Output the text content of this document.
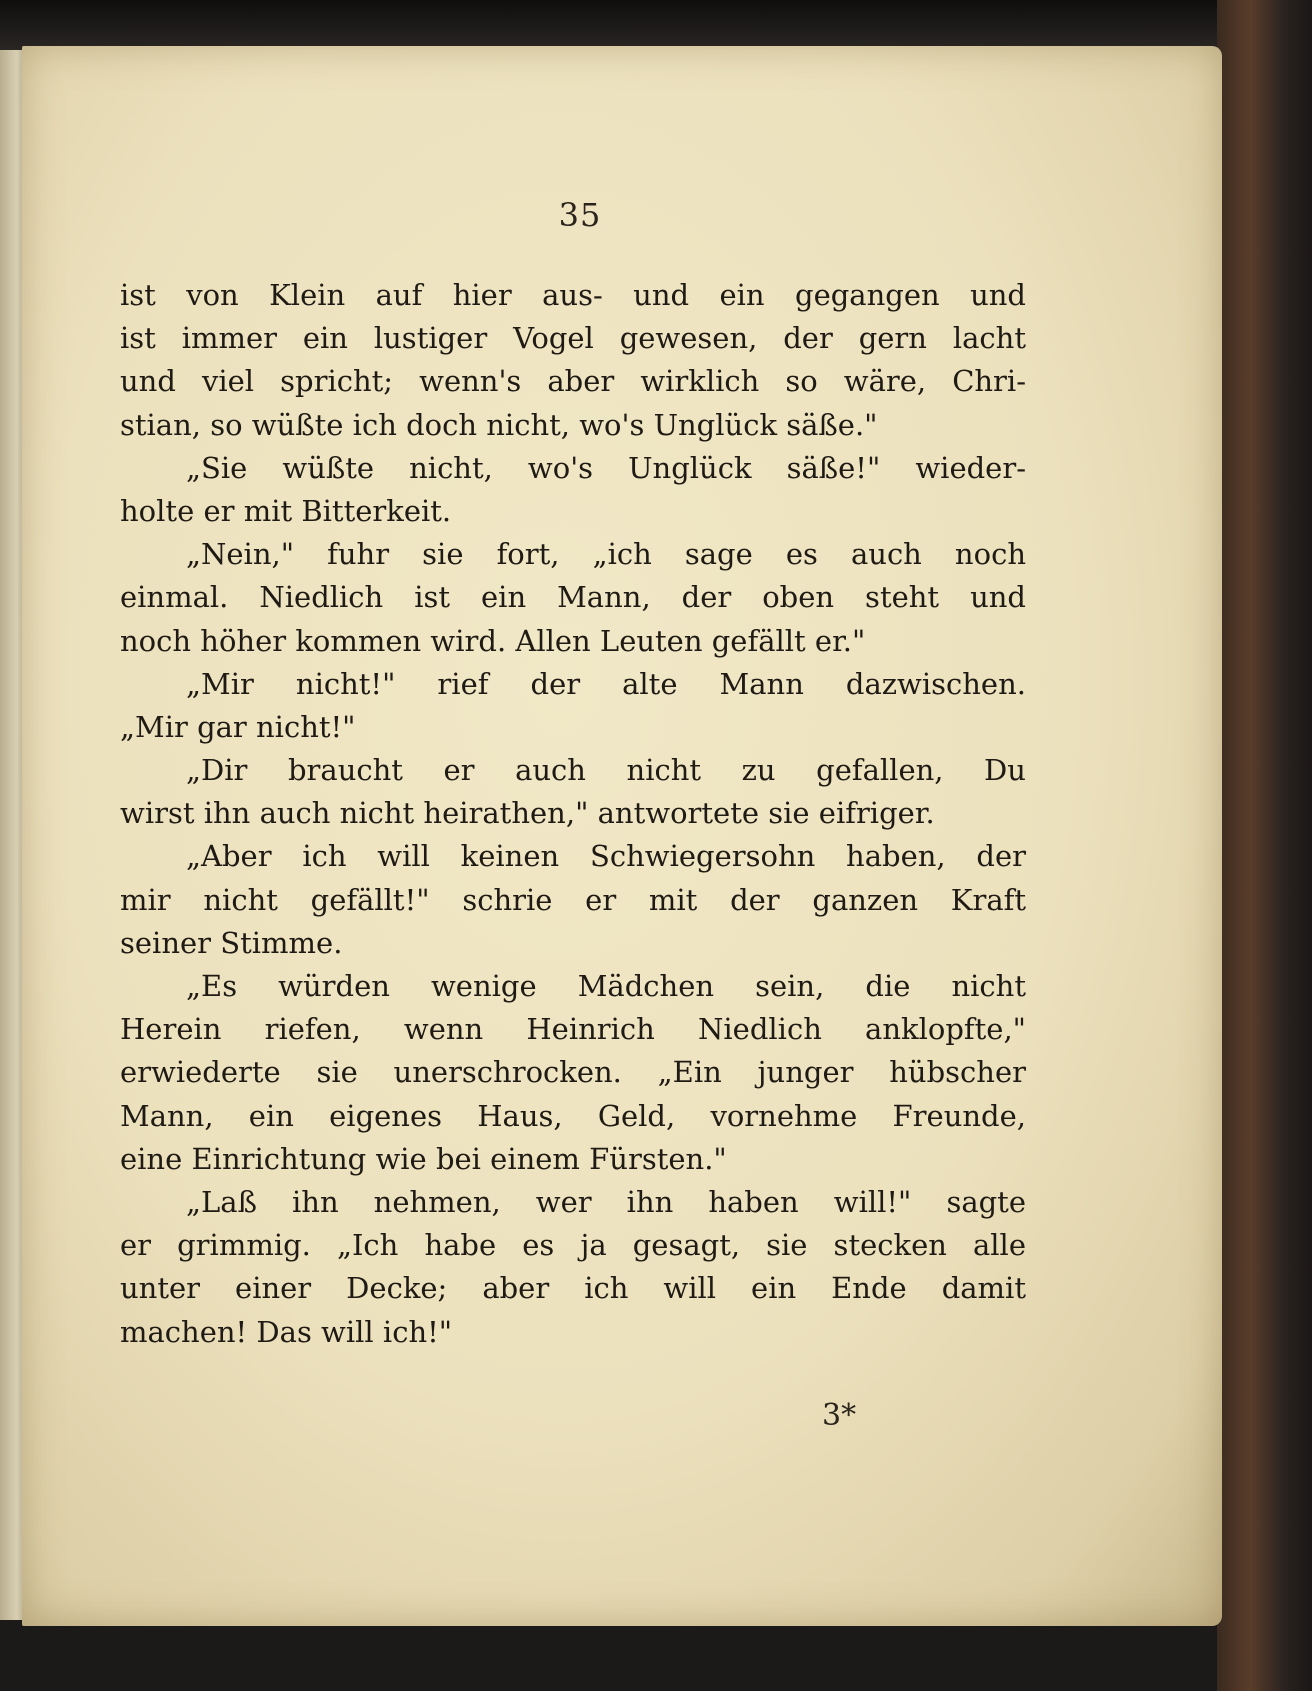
35
ist von Klein auf hier aus- und ein gegangen und
ist immer ein lustiger Vogel gewesen, der gern lacht
und viel spricht; wenn's aber wirklich so wäre, Chri-
stian, so wüßte ich doch nicht, wo's Unglück säße."
„Sie wüßte nicht, wo's Unglück säße!" wieder-
holte er mit Bitterkeit.
„Nein," fuhr sie fort, „ich sage es auch noch
einmal. Niedlich ist ein Mann, der oben steht und
noch höher kommen wird. Allen Leuten gefällt er."
„Mir nicht!" rief der alte Mann dazwischen.
„Mir gar nicht!"
„Dir braucht er auch nicht zu gefallen, Du
wirst ihn auch nicht heirathen," antwortete sie eifriger.
„Aber ich will keinen Schwiegersohn haben, der
mir nicht gefällt!" schrie er mit der ganzen Kraft
seiner Stimme.
„Es würden wenige Mädchen sein, die nicht
Herein riefen, wenn Heinrich Niedlich anklopfte,"
erwiederte sie unerschrocken. „Ein junger hübscher
Mann, ein eigenes Haus, Geld, vornehme Freunde,
eine Einrichtung wie bei einem Fürsten."
„Laß ihn nehmen, wer ihn haben will!" sagte
er grimmig. „Ich habe es ja gesagt, sie stecken alle
unter einer Decke; aber ich will ein Ende damit
machen! Das will ich!"
3*
